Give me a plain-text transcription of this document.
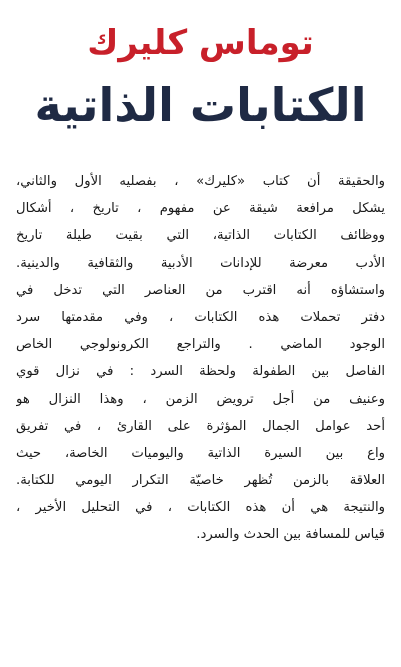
توماس كليرك
الكتابات الذاتية
والحقيقة أن كتاب «كليرك» ، بفصليه الأول والثاني،
يشكل مرافعة شيقة عن مفهوم ، تاريخ ، أشكال
ووظائف الكتابات الذاتية، التي بقيت طيلة تاريخ
الأدب معرضة للإدانات الأدبية والثقافية والدينية.
واستشاؤه أنه اقترب من العناصر التي تدخل في
دفتر تحملات هذه الكتابات ، وفي مقدمتها سرد
الوجود الماضي . والتراجع الكرونولوجي الخاص
الفاصل بين الطفولة ولحظة السرد : في نزال قوي
وعنيف من أجل ترويض الزمن ، وهذا النزال هو
أحد عوامل الجمال المؤثرة على القارئ ، في تفريق
واع بين السيرة الذاتية واليوميات الخاصة، حيث
العلاقة بالزمن تُظهر خاصيّة التكرار اليومي للكتابة.
والنتيجة هي أن هذه الكتابات ، في التحليل الأخير ،
قياس للمسافة بين الحدث والسرد.
